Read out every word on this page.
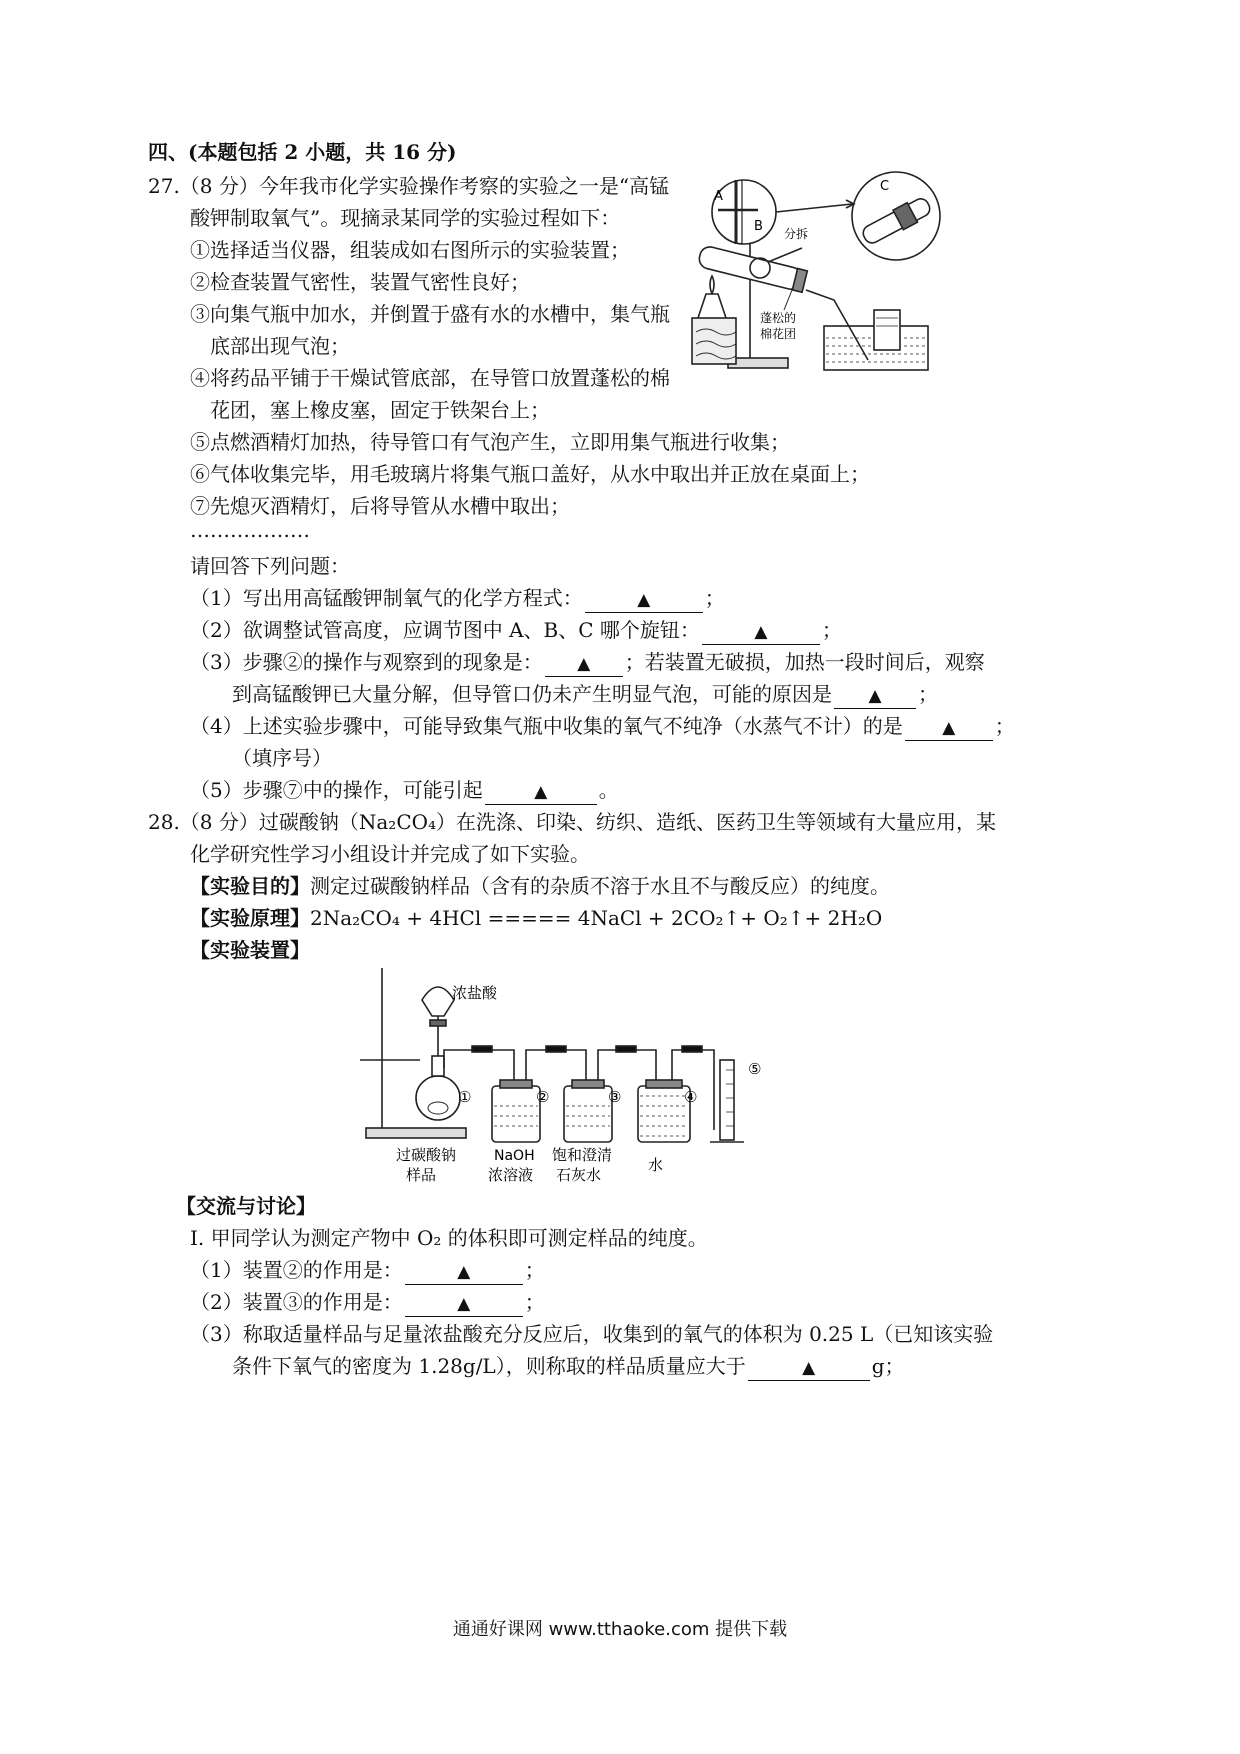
四、(本题包括 2 小题，共 16 分)
27.（8 分）今年我市化学实验操作考察的实验之一是“高锰
酸钾制取氧气”。现摘录某同学的实验过程如下：
①选择适当仪器，组装成如右图所示的实验装置；
②检查装置气密性，装置气密性良好；
③向集气瓶中加水，并倒置于盛有水的水槽中，集气瓶
底部出现气泡；
④将药品平铺于干燥试管底部，在导管口放置蓬松的棉
花团，塞上橡皮塞，固定于铁架台上；
⑤点燃酒精灯加热，待导管口有气泡产生，立即用集气瓶进行收集；
⑥气体收集完毕，用毛玻璃片将集气瓶口盖好，从水中取出并正放在桌面上；
⑦先熄灭酒精灯，后将导管从水槽中取出；
………………
请回答下列问题：
（1）写出用高锰酸钾制氧气的化学方程式：	▲	；
（2）欲调整试管高度，应调节图中 A、B、C 哪个旋钮：	▲	；
（3）步骤②的操作与观察到的现象是： ▲ ；若装置无破损，加热一段时间后，观察
到高锰酸钾已大量分解，但导管口仍未产生明显气泡，可能的原因是 ▲ ；
（4）上述实验步骤中，可能导致集气瓶中收集的氧气不纯净（水蒸气不计）的是 ▲ ；
（填序号）
（5）步骤⑦中的操作，可能引起	▲	。
A
B
C
分拆
蓬松的
棉花团
28.（8 分）过碳酸钠（Na₂CO₄）在洗涤、印染、纺织、造纸、医药卫生等领域有大量应用，某
化学研究性学习小组设计并完成了如下实验。
【实验目的】测定过碳酸钠样品（含有的杂质不溶于水且不与酸反应）的纯度。
【实验原理】2Na₂CO₄ + 4HCl ===== 4NaCl + 2CO₂↑+ O₂↑+ 2H₂O
【实验装置】
浓盐酸
①	②	③	④
⑤
过碳酸钠
样品
NaOH
浓溶液
饱和澄清
石灰水
水
【交流与讨论】
I. 甲同学认为测定产物中 O₂ 的体积即可测定样品的纯度。
（1）装置②的作用是：	▲	；
（2）装置③的作用是：	▲	；
（3）称取适量样品与足量浓盐酸充分反应后，收集到的氧气的体积为 0.25 L（已知该实验
条件下氧气的密度为 1.28g/L），则称取的样品质量应大于	▲	g；
通通好课网 www.tthaoke.com 提供下载
